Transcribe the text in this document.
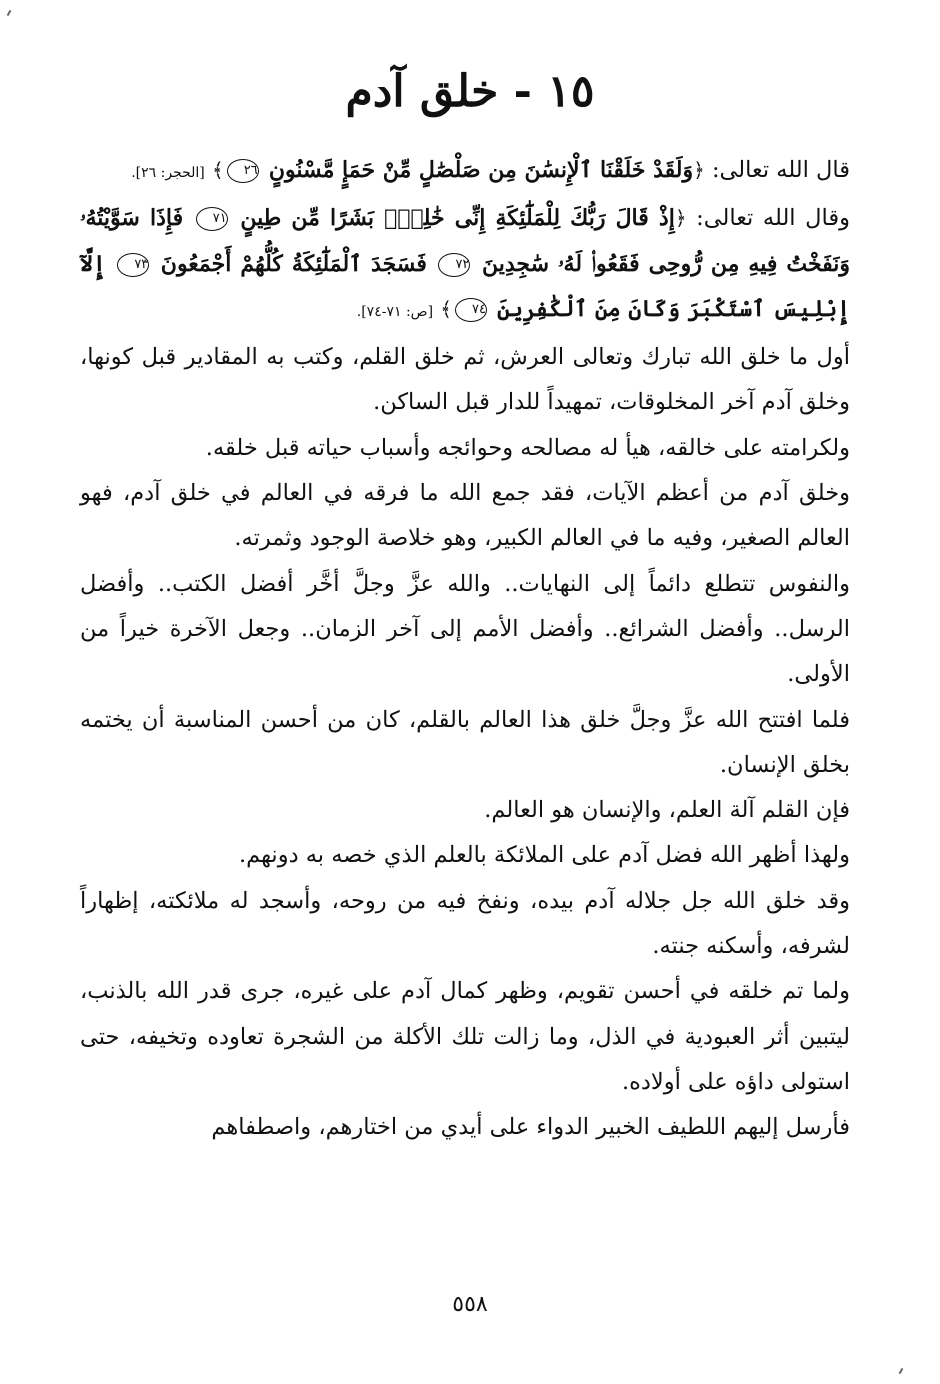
١٥ - خلق آدم

قال الله تعالى: ﴿وَلَقَدْ خَلَقْنَا ٱلْإِنسَٰنَ مِن صَلْصَٰلٍ مِّنْ حَمَإٍ مَّسْنُونٍ ٢٦﴾ [الحجر: ٢٦].

وقال الله تعالى: ﴿إِذْ قَالَ رَبُّكَ لِلْمَلَٰٓئِكَةِ إِنِّى خَٰلِقٌۢ بَشَرًا مِّن طِينٍ ٧١ فَإِذَا سَوَّيْتُهُۥ وَنَفَخْتُ فِيهِ مِن رُّوحِى فَقَعُوا۟ لَهُۥ سَٰجِدِينَ ٧٢ فَسَجَدَ ٱلْمَلَٰٓئِكَةُ كُلُّهُمْ أَجْمَعُونَ ٧٣ إِلَّآ إِبْلِيسَ ٱسْتَكْبَرَ وَكَانَ مِنَ ٱلْكَٰفِرِينَ ٧٤﴾ [ص: ٧١-٧٤].

أول ما خلق الله تبارك وتعالى العرش، ثم خلق القلم، وكتب به المقادير قبل كونها، وخلق آدم آخر المخلوقات، تمهيداً للدار قبل الساكن.

ولكرامته على خالقه، هيأ له مصالحه وحوائجه وأسباب حياته قبل خلقه.

وخلق آدم من أعظم الآيات، فقد جمع الله ما فرقه في العالم في خلق آدم، فهو العالم الصغير، وفيه ما في العالم الكبير، وهو خلاصة الوجود وثمرته.

والنفوس تتطلع دائماً إلى النهايات.. والله عزَّ وجلَّ أخَّر أفضل الكتب.. وأفضل الرسل.. وأفضل الشرائع.. وأفضل الأمم إلى آخر الزمان.. وجعل الآخرة خيراً من الأولى.

فلما افتتح الله عزَّ وجلَّ خلق هذا العالم بالقلم، كان من أحسن المناسبة أن يختمه بخلق الإنسان.

فإن القلم آلة العلم، والإنسان هو العالم.

ولهذا أظهر الله فضل آدم على الملائكة بالعلم الذي خصه به دونهم.

وقد خلق الله جل جلاله آدم بيده، ونفخ فيه من روحه، وأسجد له ملائكته، إظهاراً لشرفه، وأسكنه جنته.

ولما تم خلقه في أحسن تقويم، وظهر كمال آدم على غيره، جرى قدر الله بالذنب، ليتبين أثر العبودية في الذل، وما زالت تلك الأكلة من الشجرة تعاوده وتخيفه، حتى استولى داؤه على أولاده.

فأرسل إليهم اللطيف الخبير الدواء على أيدي من اختارهم، واصطفاهم

٥٥٨
